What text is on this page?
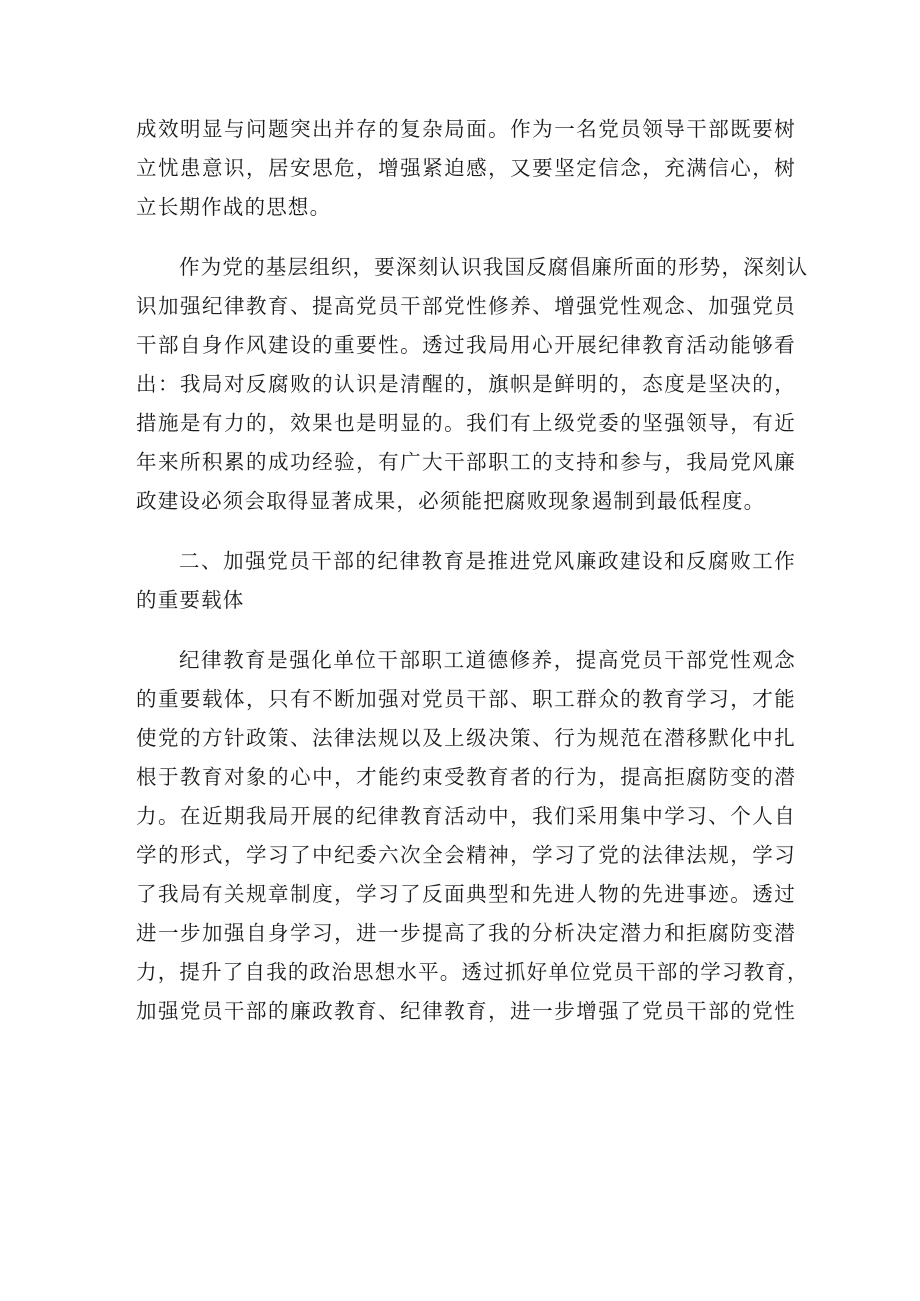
成效明显与问题突出并存的复杂局面。作为一名党员领导干部既要树
立忧患意识，居安思危，增强紧迫感，又要坚定信念，充满信心，树
立长期作战的思想。

作为党的基层组织，要深刻认识我国反腐倡廉所面的形势，深刻认
识加强纪律教育、提高党员干部党性修养、增强党性观念、加强党员
干部自身作风建设的重要性。透过我局用心开展纪律教育活动能够看
出：我局对反腐败的认识是清醒的，旗帜是鲜明的，态度是坚决的，
措施是有力的，效果也是明显的。我们有上级党委的坚强领导，有近
年来所积累的成功经验，有广大干部职工的支持和参与，我局党风廉
政建设必须会取得显著成果，必须能把腐败现象遏制到最低程度。

二、加强党员干部的纪律教育是推进党风廉政建设和反腐败工作
的重要载体

纪律教育是强化单位干部职工道德修养，提高党员干部党性观念
的重要载体，只有不断加强对党员干部、职工群众的教育学习，才能
使党的方针政策、法律法规以及上级决策、行为规范在潜移默化中扎
根于教育对象的心中，才能约束受教育者的行为，提高拒腐防变的潜
力。在近期我局开展的纪律教育活动中，我们采用集中学习、个人自
学的形式，学习了中纪委六次全会精神，学习了党的法律法规，学习
了我局有关规章制度，学习了反面典型和先进人物的先进事迹。透过
进一步加强自身学习，进一步提高了我的分析决定潜力和拒腐防变潜
力，提升了自我的政治思想水平。透过抓好单位党员干部的学习教育，
加强党员干部的廉政教育、纪律教育，进一步增强了党员干部的党性
